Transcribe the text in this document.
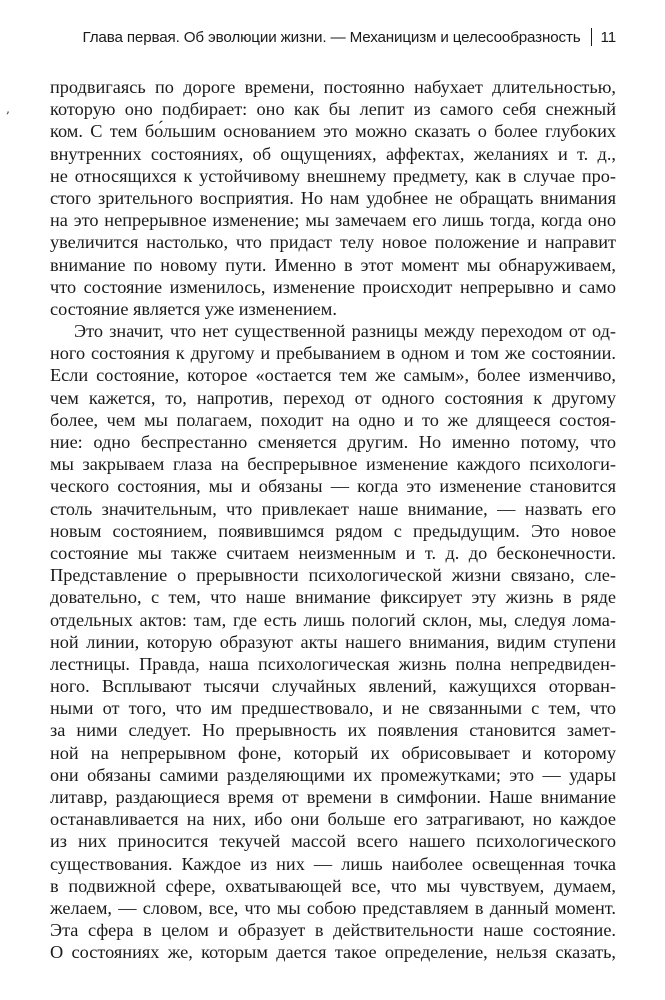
Глава первая. Об эволюции жизни. — Механицизм и целесообразность 11
‚
продвигаясь по дороге времени, постоянно набухает длительностью,
которую оно подбирает: оно как бы лепит из самого себя снежный
ком. С тем бо́льшим основанием это можно сказать о более глубоких
внутренних состояниях, об ощущениях, аффектах, желаниях и т. д.,
не относящихся к устойчивому внешнему предмету, как в случае про-
стого зрительного восприятия. Но нам удобнее не обращать внимания
на это непрерывное изменение; мы замечаем его лишь тогда, когда оно
увеличится настолько, что придаст телу новое положение и направит
внимание по новому пути. Именно в этот момент мы обнаруживаем,
что состояние изменилось, изменение происходит непрерывно и само
состояние является уже изменением.
Это значит, что нет существенной разницы между переходом от од-
ного состояния к другому и пребыванием в одном и том же состоянии.
Если состояние, которое «остается тем же самым», более изменчиво,
чем кажется, то, напротив, переход от одного состояния к другому
более, чем мы полагаем, походит на одно и то же длящееся состоя-
ние: одно беспрестанно сменяется другим. Но именно потому, что
мы закрываем глаза на беспрерывное изменение каждого психологи-
ческого состояния, мы и обязаны — когда это изменение становится
столь значительным, что привлекает наше внимание, — назвать его
новым состоянием, появившимся рядом с предыдущим. Это новое
состояние мы также считаем неизменным и т. д. до бесконечности.
Представление о прерывности психологической жизни связано, сле-
довательно, с тем, что наше внимание фиксирует эту жизнь в ряде
отдельных актов: там, где есть лишь пологий склон, мы, следуя лома-
ной линии, которую образуют акты нашего внимания, видим ступени
лестницы. Правда, наша психологическая жизнь полна непредвиден-
ного. Всплывают тысячи случайных явлений, кажущихся оторван-
ными от того, что им предшествовало, и не связанными с тем, что
за ними следует. Но прерывность их появления становится замет-
ной на непрерывном фоне, который их обрисовывает и которому
они обязаны самими разделяющими их промежутками; это — удары
литавр, раздающиеся время от времени в симфонии. Наше внимание
останавливается на них, ибо они больше его затрагивают, но каждое
из них приносится текучей массой всего нашего психологического
существования. Каждое из них — лишь наиболее освещенная точка
в подвижной сфере, охватывающей все, что мы чувствуем, думаем,
желаем, — словом, все, что мы собою представляем в данный момент.
Эта сфера в целом и образует в действительности наше состояние.
О состояниях же, которым дается такое определение, нельзя сказать,
